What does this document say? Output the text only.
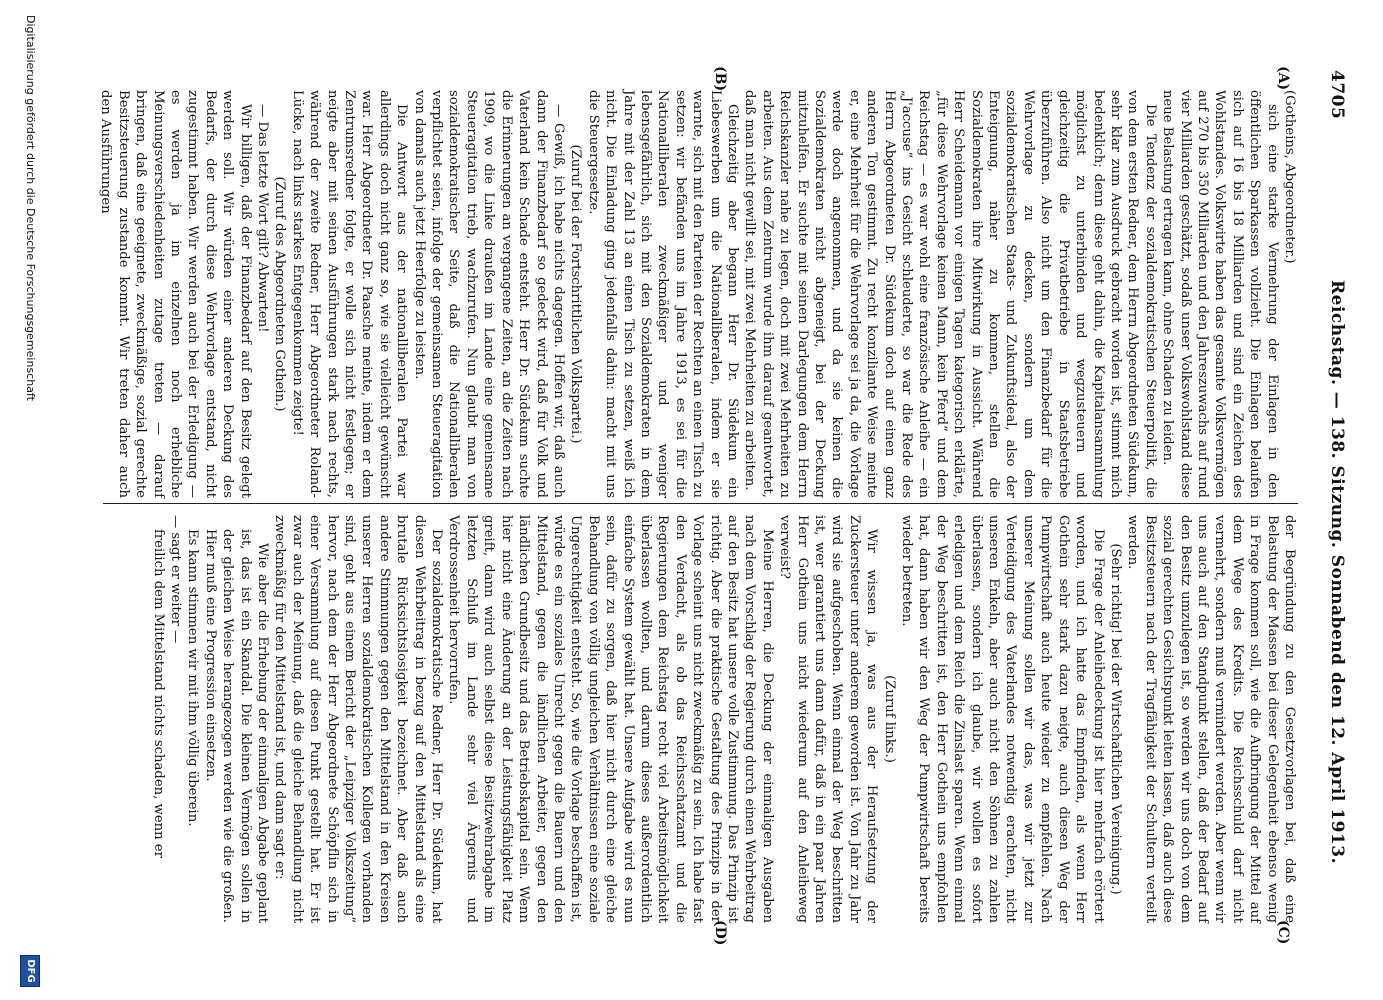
4705
Reichstag. — 138. Sitzung. Sonnabend den 12. April 1913.
(A)
(B)
(C)
(D)

(Gotheins, Abgeordneter.)

sich eine starke Vermehrung der Einlagen in den öffentlichen Sparkassen vollzieht. Die Einlagen belaufen sich auf 16 bis 18 Milliarden und sind ein Zeichen des Wohlstandes. Volkswirte haben das gesamte Volksvermögen auf 270 bis 350 Milliarden und den Jahreszuwachs auf rund vier Milliarden geschätzt, sodaß unser Volkswohlstand diese neue Belastung ertragen kann, ohne Schaden zu leiden.

Die Tendenz der sozialdemokratischen Steuerpolitik, die von dem ersten Redner, dem Herrn Abgeordneten Südekum, sehr klar zum Ausdruck gebracht worden ist, stimmt mich bedenklich; denn diese geht dahin, die Kapitalansammlung möglichst zu unterbinden und wegzusteuern und gleichzeitig die Privatbetriebe in Staatsbetriebe überzuführen. Also nicht um den Finanzbedarf für die Wehrvorlage zu decken, sondern um dem sozialdemokratischen Staats- und Zukunftsideal, also der Enteignung, näher zu kommen, stellen die Sozialdemokraten ihre Mitwirkung in Aussicht. Während Herr Scheidemann vor einigen Tagen kategorisch erklärte, „für diese Wehrvorlage keinen Mann, kein Pferd“ und dem Reichstag — es war wohl eine französische Anleihe — ein „J'accuse“ ins Gesicht schleuderte, so war die Rede des Herrn Abgeordneten Dr. Südekum doch auf einen ganz anderen Ton gestimmt. Zu recht konziliante Weise meinte er, eine Mehrheit für die Wehrvorlage sei ja da, die Vorlage werde doch angenommen, und da sie keinen die Sozialdemokraten nicht abgeneigt, bei der Deckung mitzuhelfen. Er suchte mit seinen Darlegungen dem Herrn Reichskanzler nahe zu legen, doch mit zwei Mehrheiten zu arbeiten. Aus dem Zentrum wurde ihm darauf geantwortet, daß man nicht gewillt sei, mit zwei Mehrheiten zu arbeiten.

Gleichzeitig aber begann Herr Dr. Südekum ein Liebeswerben um die Nationalliberalen, indem er sie warnte, sich mit den Parteien der Rechten an einen Tisch zu setzen: wir befänden uns im Jahre 1913, es sei für die Nationalliberalen zweckmäßiger und weniger lebensgefährlich, sich mit den Sozialdemokraten in dem Jahre mit der Zahl 13 an einen Tisch zu setzen, weiß ich nicht. Die Einladung ging jedenfalls dahin: macht mit uns die Steuergesetze.

(Zuruf bei der Fortschrittlichen Volkspartei.)

— Gewiß, ich habe nichts dagegen. Hoffen wir, daß auch dann der Finanzbedarf so gedeckt wird, daß für Volk und Vaterland kein Schade entsteht. Herr Dr. Südekum suchte die Erinnerungen an vergangene Zeiten, an die Zeiten nach 1909, wo die Linke draußen im Lande eine gemeinsame Steueragitation trieb, wachzurufen. Nun glaubt man von sozialdemokratischer Seite, daß die Nationalliberalen verpflichtet seien, infolge der gemeinsamen Steueragitation von damals auch jetzt Heerfolge zu leisten.

Die Antwort aus der nationalliberalen Partei war allerdings doch nicht ganz so, wie sie vielleicht gewünscht war. Herr Abgeordneter Dr. Paasche meinte, indem er dem Zentrumsredner folgte, er wolle sich nicht festlegen; er neigte aber mit seinen Ausführungen stark nach rechts, während der zweite Redner, Herr Abgeordneter Roland-Lücke, nach links starkes Entgegenkommen zeigte!

(Zuruf des Abgeordneten Gothein.)

— Das letzte Wort gilt? Abwarten!

Wir billigen, daß der Finanzbedarf auf den Besitz gelegt werden soll. Wir würden einer anderen Deckung des Bedarfs, der durch diese Wehrvorlage entstand, nicht zugestimmt haben. Wir werden auch bei der Erledigung — es werden ja im einzelnen noch erhebliche Meinungsverschiedenheiten zutage treten — darauf bringen, daß eine geeignete, zweckmäßige, sozial gerechte Besitzsteuerung zustande kommt. Wir treten daher auch den Ausführungen

der Begründung zu den Gesetzvorlagen bei, daß eine Belastung der Massen bei dieser Gelegenheit ebenso wenig in Frage kommen soll, wie die Aufbringung der Mittel auf dem Wege des Kredits. Die Reichsschuld darf nicht vermehrt, sondern muß vermindert werden. Aber wenn wir uns auch auf den Standpunkt stellen, daß der Bedarf auf den Besitz umzulegen ist, so werden wir uns doch von dem sozial gerechten Gesichtspunkt leiten lassen, daß auch diese Besitzsteuern nach der Tragfähigkeit der Schultern verteilt werden.

(Sehr richtig! bei der Wirtschaftlichen Vereinigung.)

Die Frage der Anleihedeckung ist hier mehrfach erörtert worden, und ich hatte das Empfinden, als wenn Herr Gothein sehr stark dazu neigte, auch diesen Weg der Pumpwirtschaft auch heute wieder zu empfehlen. Nach unserer Meinung sollen wir das, was wir jetzt zur Verteidigung des Vaterlandes notwendig erachten, nicht unseren Enkeln, aber auch nicht den Söhnen zu zahlen überlassen, sondern ich glaube, wir wollen es sofort erledigen und dem Reich die Zinslast sparen. Wenn einmal der Weg beschritten ist, den Herr Gothein uns empfohlen hat, dann haben wir den Weg der Pumpwirtschaft bereits wieder betreten.

(Zuruf links.)

Wir wissen ja, was aus der Heraufsetzung der Zuckersteuer unter anderem geworden ist. Von Jahr zu Jahr wird sie aufgeschoben. Wenn einmal der Weg beschritten ist, wer garantiert uns dann dafür, daß in ein paar Jahren Herr Gothein uns nicht wiederum auf den Anleiheweg verweist?

Meine Herren, die Deckung der einmaligen Ausgaben nach dem Vorschlag der Regierung durch einen Wehrbeitrag auf den Besitz hat unsere volle Zustimmung. Das Prinzip ist richtig. Aber die praktische Gestaltung des Prinzips in der Vorlage scheint uns nicht zweckmäßig zu sein. Ich habe fast den Verdacht, als ob das Reichsschatzamt und die Regierungen dem Reichstag recht viel Arbeitsmöglichkeit überlassen wollten, und darum dieses außerordentlich einfache System gewählt hat. Unsere Aufgabe wird es nun sein, dafür zu sorgen, daß hier nicht durch eine gleiche Behandlung von völlig ungleichen Verhältnissen eine soziale Ungerechtigkeit entsteht. So, wie die Vorlage beschaffen ist, würde es ein soziales Unrecht gegen die Bauern und den Mittelstand, gegen die ländlichen Arbeiter, gegen den ländlichen Grundbesitz und das Betriebskapital sein. Wenn hier nicht eine Änderung an der Leistungsfähigkeit Platz greift, dann wird auch selbst diese Besitzwehrabgabe im letzten Schluß im Lande sehr viel Ärgernis und Verdrossenheit hervorrufen.

Der sozialdemokratische Redner, Herr Dr. Südekum, hat diesen Wehrbeitrag in bezug auf den Mittelstand als eine brutale Rücksichtslosigkeit bezeichnet. Aber daß auch andere Stimmungen gegen den Mittelstand in den Kreisen unserer Herren sozialdemokratischen Kollegen vorhanden sind, geht aus einem Bericht der „Leipziger Volkszeitung“ hervor, nach dem der Herr Abgeordnete Schöpflin sich in einer Versammlung auf diesen Punkt gestellt hat. Er ist zwar auch der Meinung, daß die gleiche Behandlung nicht zweckmäßig für den Mittelstand ist, und dann sagt er:

Wie aber die Erhebung der einmaligen Abgabe geplant ist, das ist ein Skandal. Die kleinen Vermögen sollen in der gleichen Weise herangezogen werden wie die großen. Hier muß eine Progression einsetzen.

Es kann stimmen wir mit ihm völlig überein.

— sagt er weiter —

freilich dem Mittelstand nichts schaden, wenn er

Digitalisierung gefördert durch die Deutsche Forschungsgemeinschaft
DFG
